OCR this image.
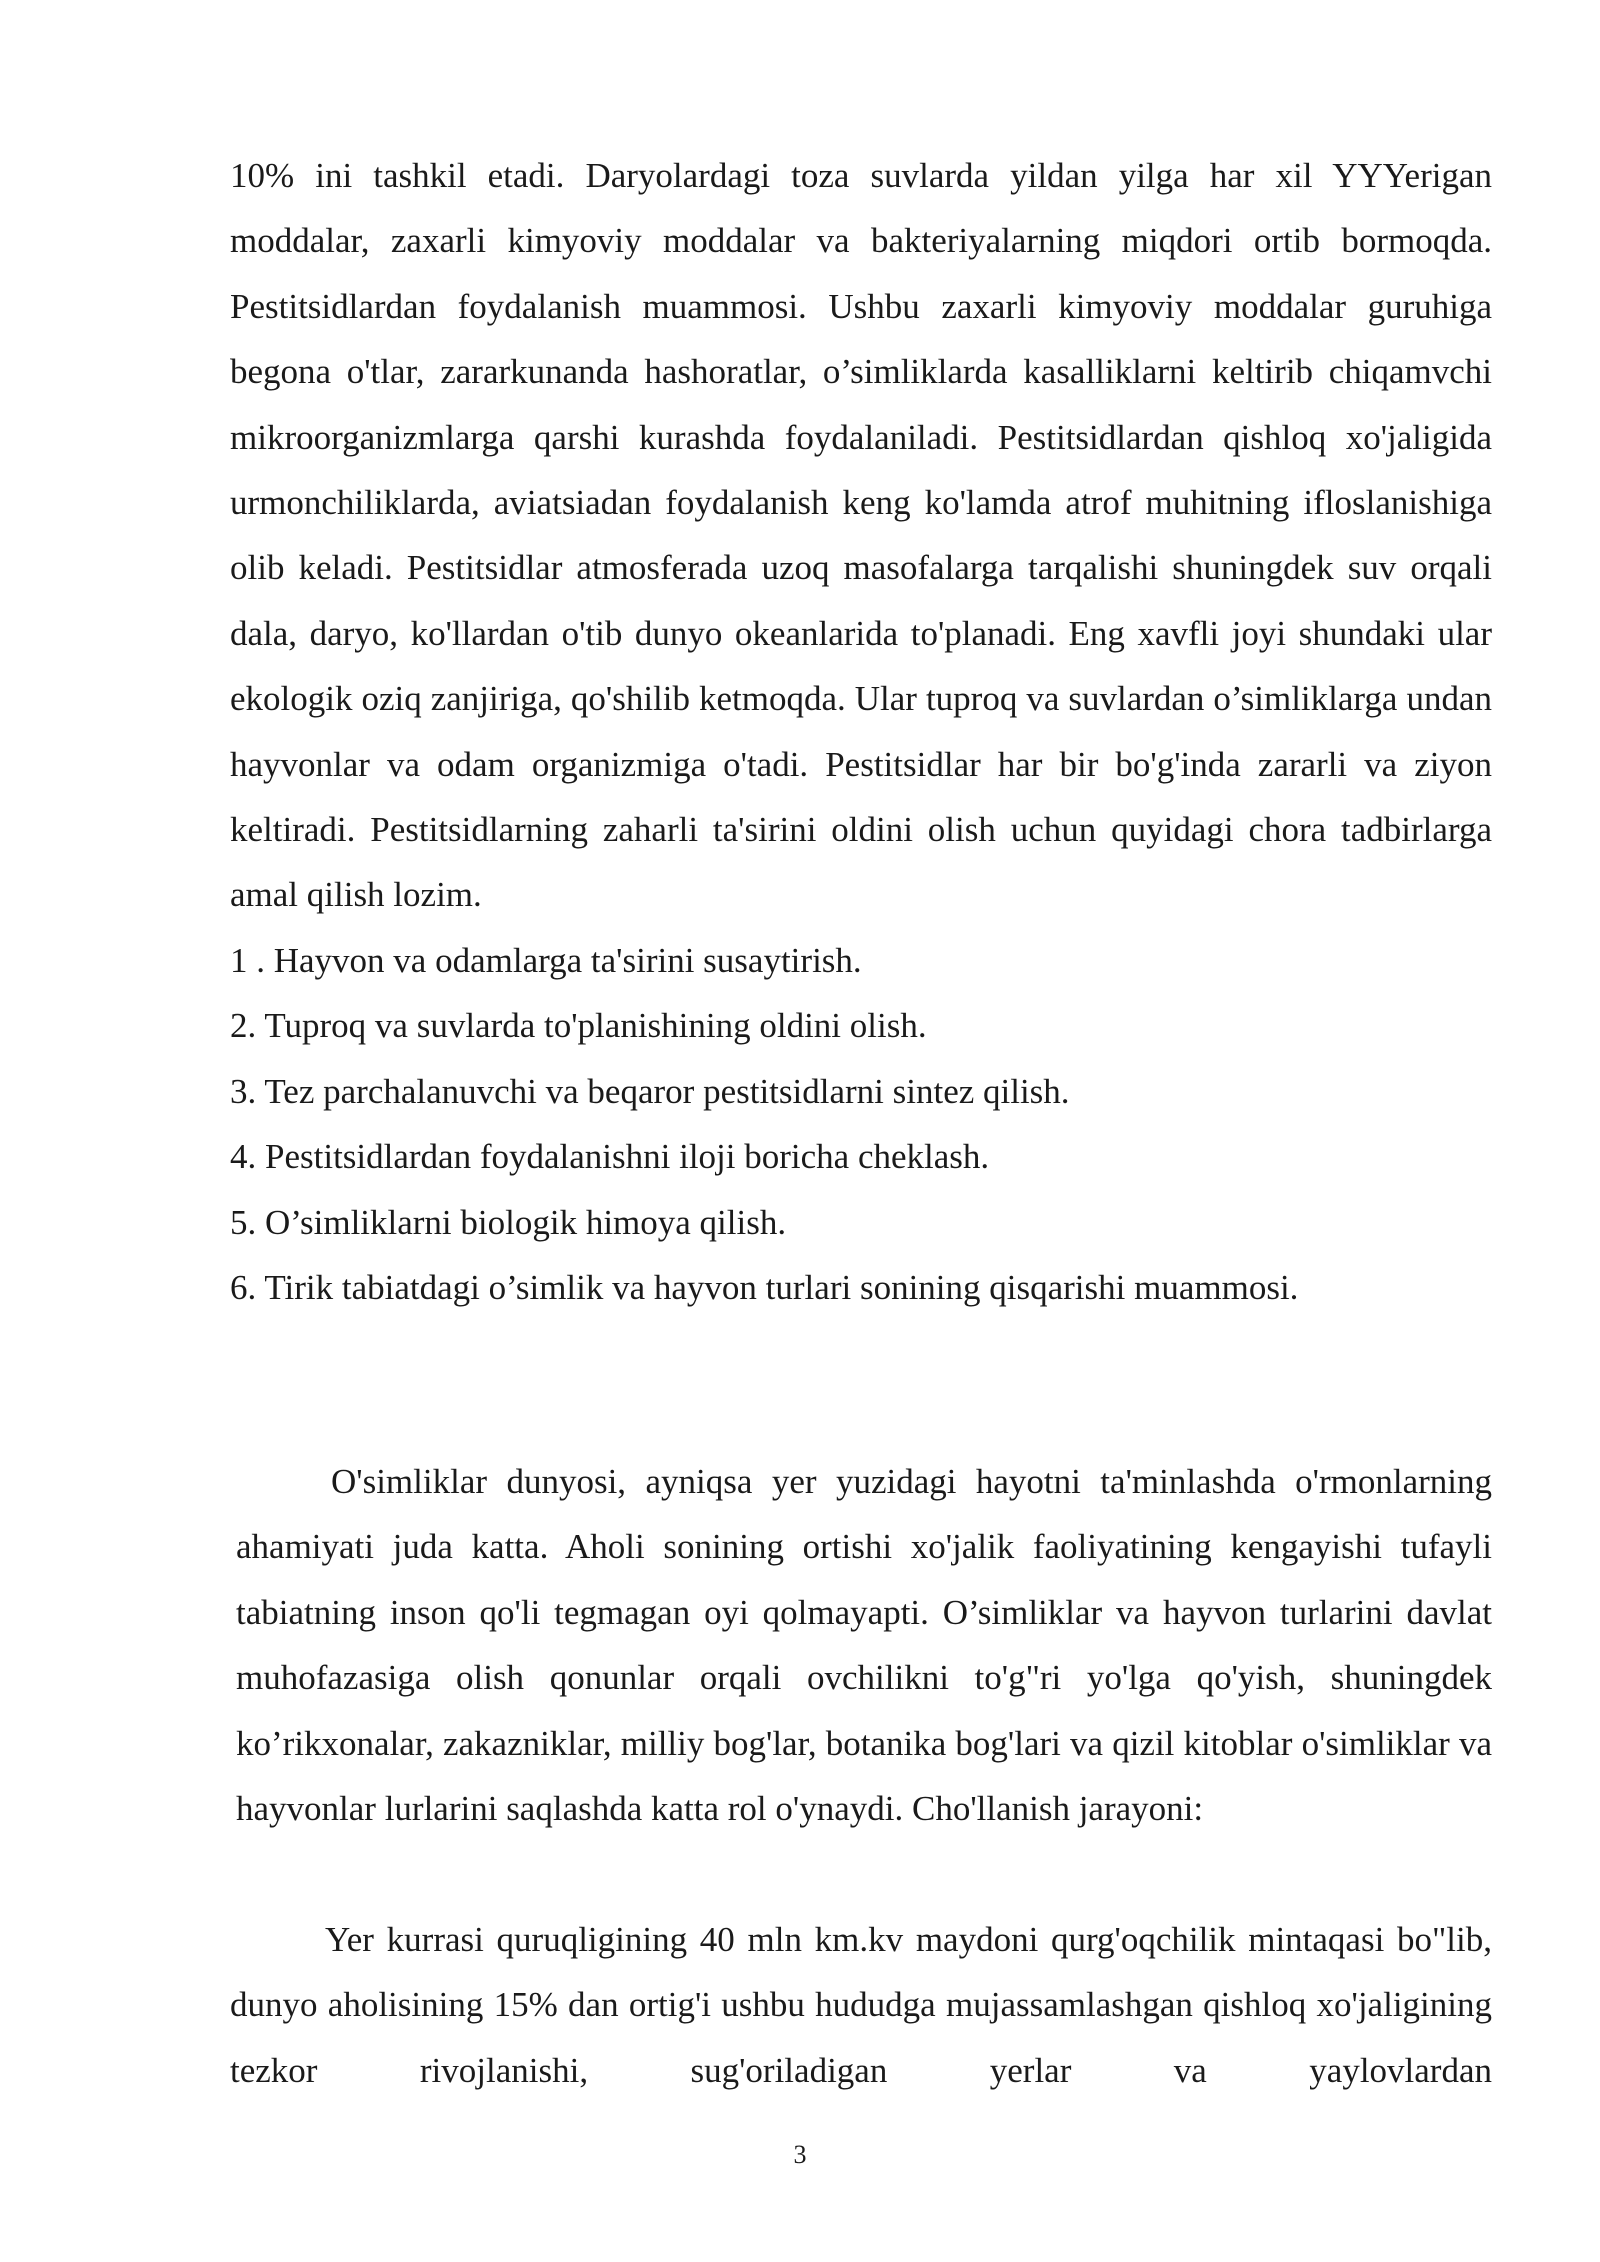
10% ini tashkil etadi. Daryolardagi toza suvlarda yildan yilga har xil YYYerigan moddalar, zaxarli kimyoviy moddalar va bakteriyalarning miqdori ortib bormoqda. Pestitsidlardan foydalanish muammosi. Ushbu zaxarli kimyoviy moddalar guruhiga begona o'tlar, zararkunanda hashoratlar, o’simliklarda kasalliklarni keltirib chiqamvchi mikroorganizmlarga qarshi kurashda foydalaniladi. Pestitsidlardan qishloq xo'jaligida urmonchiliklarda, aviatsiadan foydalanish keng ko'lamda atrof muhitning ifloslanishiga olib keladi. Pestitsidlar atmosferada uzoq masofalarga tarqalishi shuningdek suv orqali dala, daryo, ko'llardan o'tib dunyo okeanlarida to'planadi. Eng xavfli joyi shundaki ular ekologik oziq zanjiriga, qo'shilib ketmoqda. Ular tuproq va suvlardan o’simliklarga undan hayvonlar va odam organizmiga o'tadi. Pestitsidlar har bir bo'g'inda zararli va ziyon keltiradi. Pestitsidlarning zaharli ta'sirini oldini olish uchun quyidagi chora tadbirlarga amal qilish lozim.

1 . Hayvon va odamlarga ta'sirini susaytirish.

2. Tuproq va suvlarda to'planishining oldini olish.

3. Tez parchalanuvchi va beqaror pestitsidlarni sintez qilish.

4. Pestitsidlardan foydalanishni iloji boricha cheklash.

5. O’simliklarni biologik himoya qilish.

6. Tirik tabiatdagi o’simlik va hayvon turlari sonining qisqarishi muammosi.

O'simliklar dunyosi, ayniqsa yer yuzidagi hayotni ta'minlashda o'rmonlarning ahamiyati juda katta. Aholi sonining ortishi xo'jalik faoliyatining kengayishi tufayli tabiatning inson qo'li tegmagan oyi qolmayapti. O’simliklar va hayvon turlarini davlat muhofazasiga olish qonunlar orqali ovchilikni to'g"ri yo'lga qo'yish, shuningdek ko’rikxonalar, zakazniklar, milliy bog'lar, botanika bog'lari va qizil kitoblar o'simliklar va hayvonlar lurlarini saqlashda katta rol o'ynaydi. Cho'llanish jarayoni:

Yer kurrasi quruqligining 40 mln km.kv maydoni qurg'oqchilik mintaqasi bo"lib, dunyo aholisining 15% dan ortig'i ushbu hududga mujassamlashgan qishloq xo'jaligining tezkor rivojlanishi, sug'oriladigan yerlar va yaylovlardan

3
